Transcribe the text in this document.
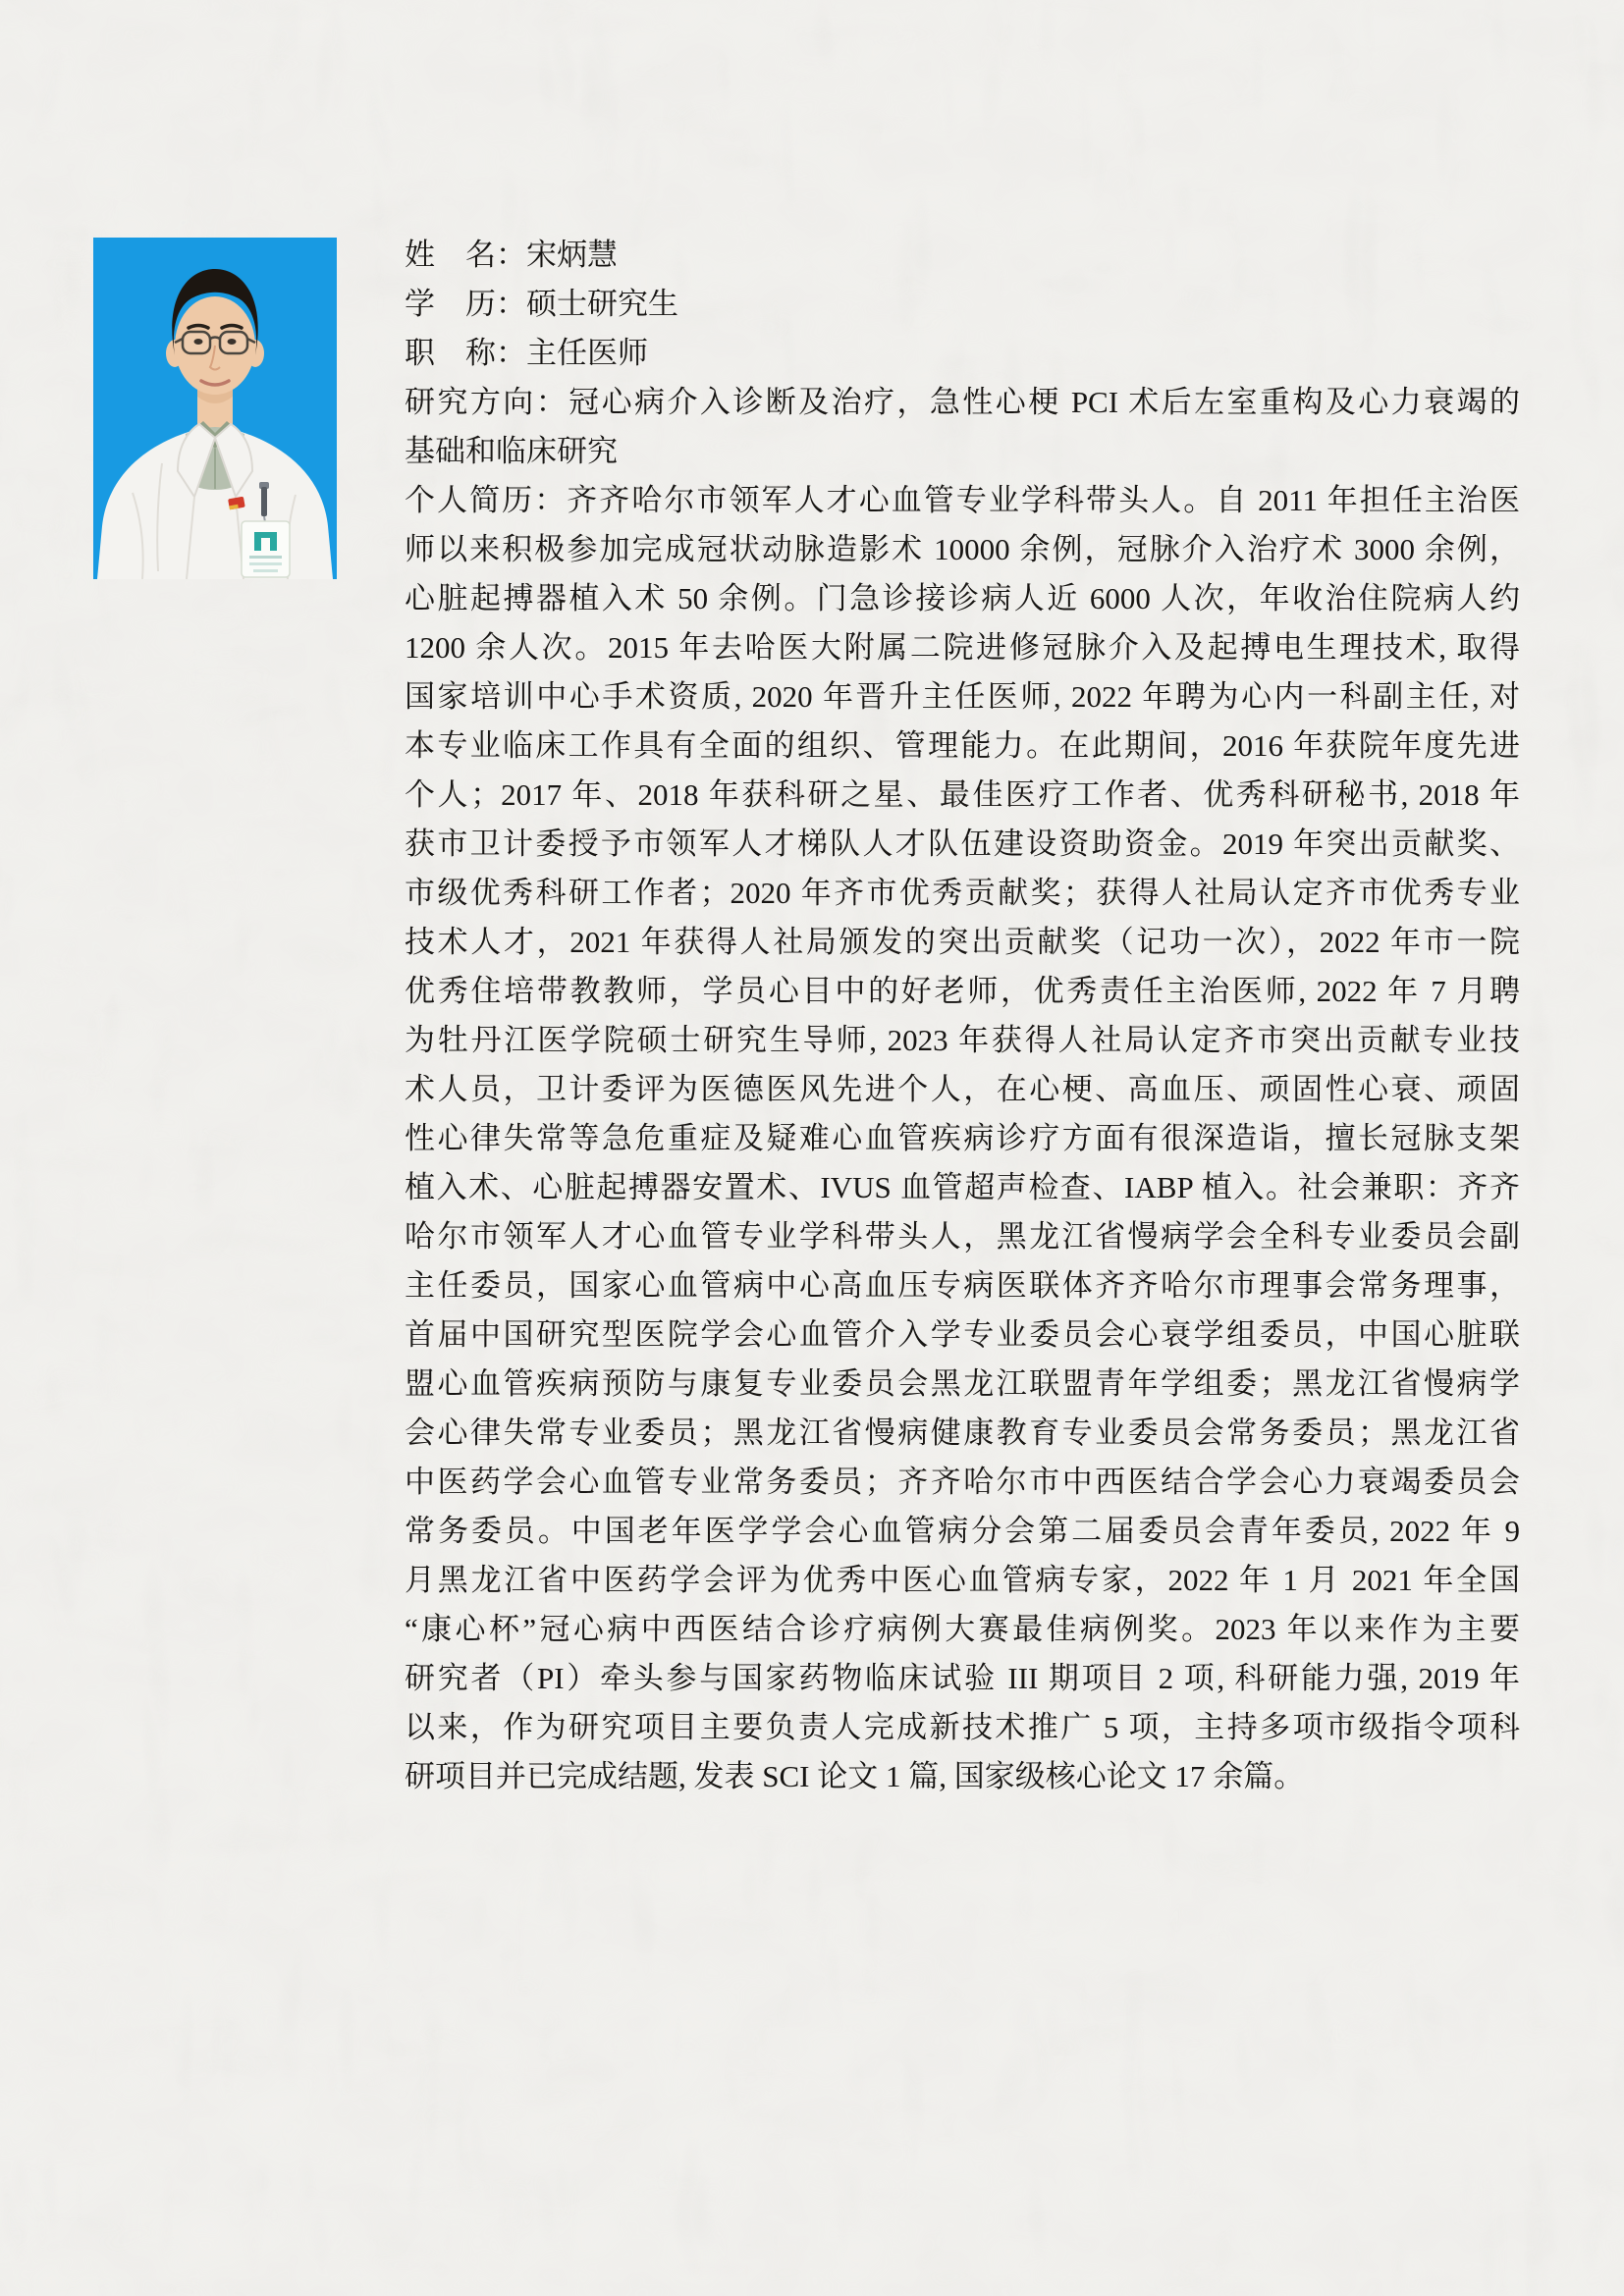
姓　名：宋炳慧
学　历：硕士研究生
职　称：主任医师
研究方向：冠心病介入诊断及治疗，急性心梗 PCI 术后左室重构及心力衰竭的
基础和临床研究
个人简历：齐齐哈尔市领军人才心血管专业学科带头人。自 2011 年担任主治医
师以来积极参加完成冠状动脉造影术 10000 余例，冠脉介入治疗术 3000 余例，
心脏起搏器植入术 50 余例。门急诊接诊病人近 6000 人次，年收治住院病人约
1200 余人次。2015 年去哈医大附属二院进修冠脉介入及起搏电生理技术, 取得
国家培训中心手术资质, 2020 年晋升主任医师, 2022 年聘为心内一科副主任, 对
本专业临床工作具有全面的组织、管理能力。在此期间，2016 年获院年度先进
个人；2017 年、2018 年获科研之星、最佳医疗工作者、优秀科研秘书, 2018 年
获市卫计委授予市领军人才梯队人才队伍建设资助资金。2019 年突出贡献奖、
市级优秀科研工作者；2020 年齐市优秀贡献奖；获得人社局认定齐市优秀专业
技术人才，2021 年获得人社局颁发的突出贡献奖（记功一次），2022 年市一院
优秀住培带教教师，学员心目中的好老师，优秀责任主治医师, 2022 年 7 月聘
为牡丹江医学院硕士研究生导师, 2023 年获得人社局认定齐市突出贡献专业技
术人员，卫计委评为医德医风先进个人，在心梗、高血压、顽固性心衰、顽固
性心律失常等急危重症及疑难心血管疾病诊疗方面有很深造诣，擅长冠脉支架
植入术、心脏起搏器安置术、IVUS 血管超声检查、IABP 植入。社会兼职：齐齐
哈尔市领军人才心血管专业学科带头人，黑龙江省慢病学会全科专业委员会副
主任委员，国家心血管病中心高血压专病医联体齐齐哈尔市理事会常务理事，
首届中国研究型医院学会心血管介入学专业委员会心衰学组委员，中国心脏联
盟心血管疾病预防与康复专业委员会黑龙江联盟青年学组委；黑龙江省慢病学
会心律失常专业委员；黑龙江省慢病健康教育专业委员会常务委员；黑龙江省
中医药学会心血管专业常务委员；齐齐哈尔市中西医结合学会心力衰竭委员会
常务委员。中国老年医学学会心血管病分会第二届委员会青年委员, 2022 年 9
月黑龙江省中医药学会评为优秀中医心血管病专家，2022 年 1 月 2021 年全国
“康心杯”冠心病中西医结合诊疗病例大赛最佳病例奖。2023 年以来作为主要
研究者（PI）牵头参与国家药物临床试验 III 期项目 2 项, 科研能力强, 2019 年
以来，作为研究项目主要负责人完成新技术推广 5 项，主持多项市级指令项科
研项目并已完成结题, 发表 SCI 论文 1 篇, 国家级核心论文 17 余篇。
